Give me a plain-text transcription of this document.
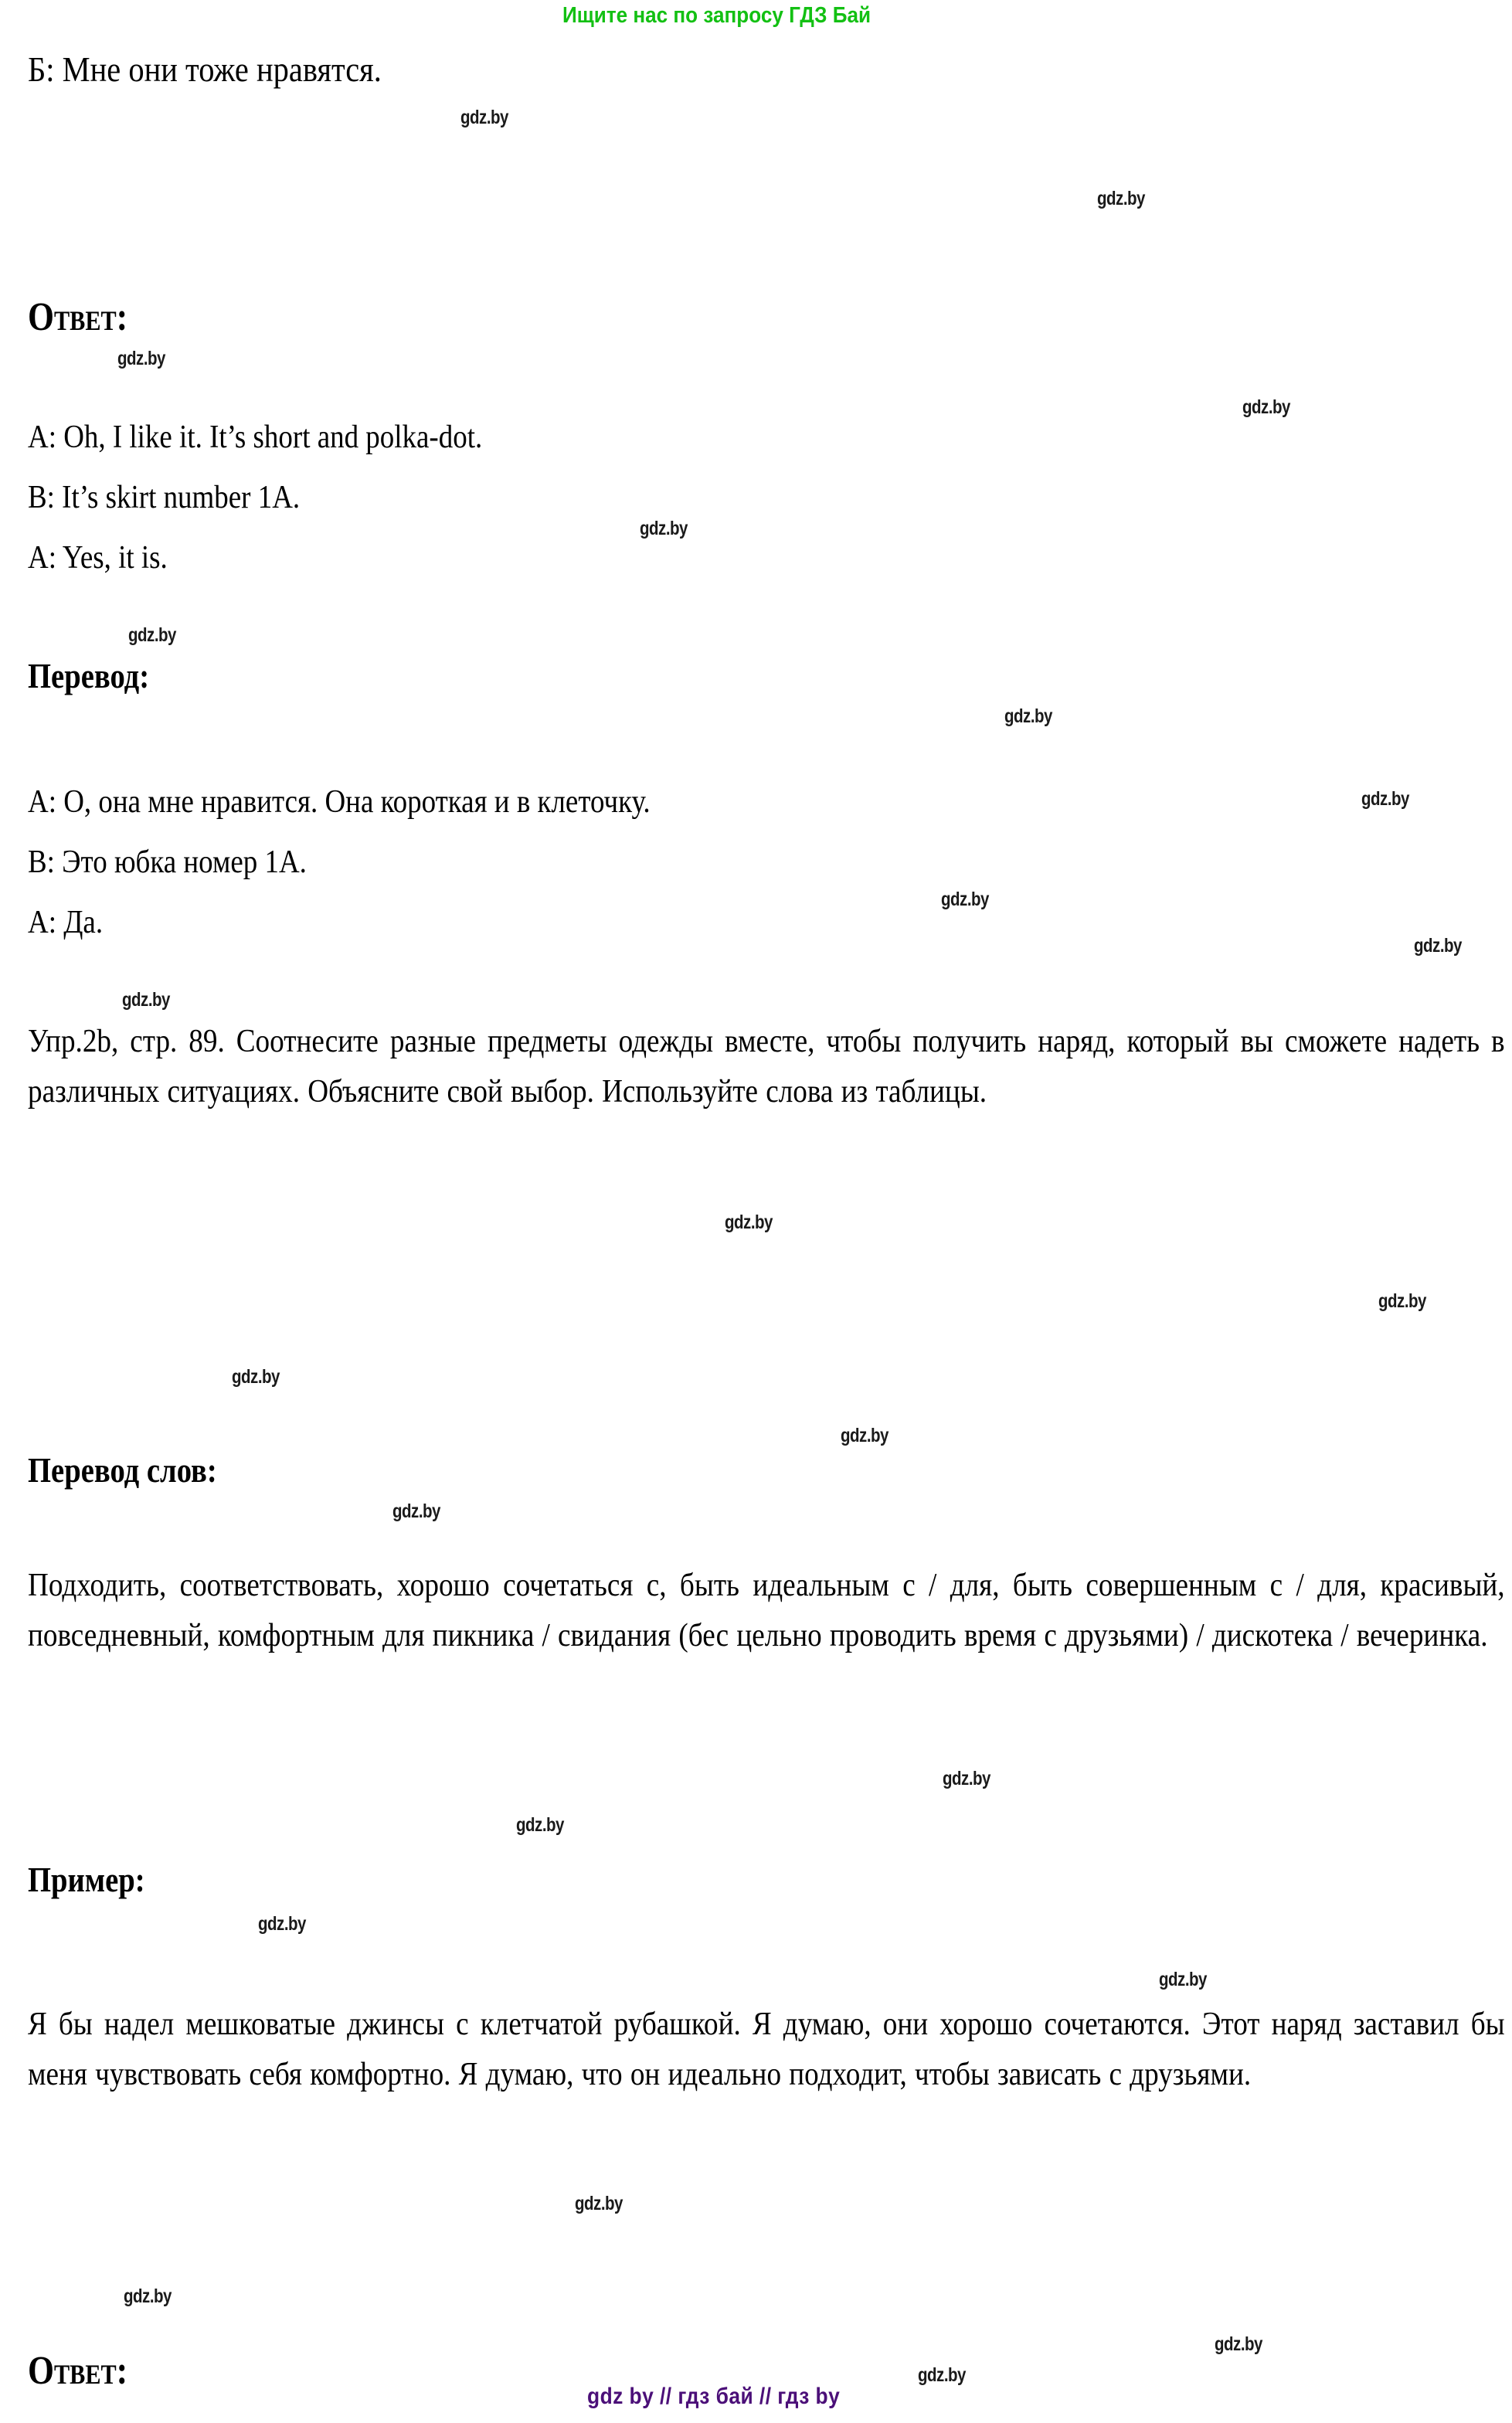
Ищите нас по запросу ГДЗ Бай
Б: Мне они тоже нравятся.
gdz.by
gdz.by
Ответ:
gdz.by
gdz.by
A: Oh, I like it. It’s short and polka-dot.
B: It’s skirt number 1A.
A: Yes, it is.
gdz.by
gdz.by
Перевод:
gdz.by
gdz.by
A: О, она мне нравится. Она короткая и в клеточку.
B: Это юбка номер 1A.
A: Да.
gdz.by
gdz.by
gdz.by
Упр.2b, стр. 89. Соотнесите разные предметы одежды вместе, чтобы получить наряд, который вы сможете надеть в различных ситуациях. Объясните свой выбор. Используйте слова из таблицы.
gdz.by
gdz.by
gdz.by
gdz.by
Перевод слов:
gdz.by
Подходить, соответствовать, хорошо сочетаться с, быть идеальным с / для, быть совершенным с / для, красивый, повседневный, комфортным для пикника / свидания (бес цельно проводить время с друзьями) / дискотека / вечеринка.
gdz.by
gdz.by
Пример:
gdz.by
gdz.by
Я бы надел мешковатые джинсы с клетчатой рубашкой. Я думаю, они хорошо сочетаются. Этот наряд заставил бы меня чувствовать себя комфортно. Я думаю, что он идеально подходит, чтобы зависать с друзьями.
gdz.by
gdz.by
gdz.by
gdz.by
Ответ:
gdz by // гдз бай // гдз by
